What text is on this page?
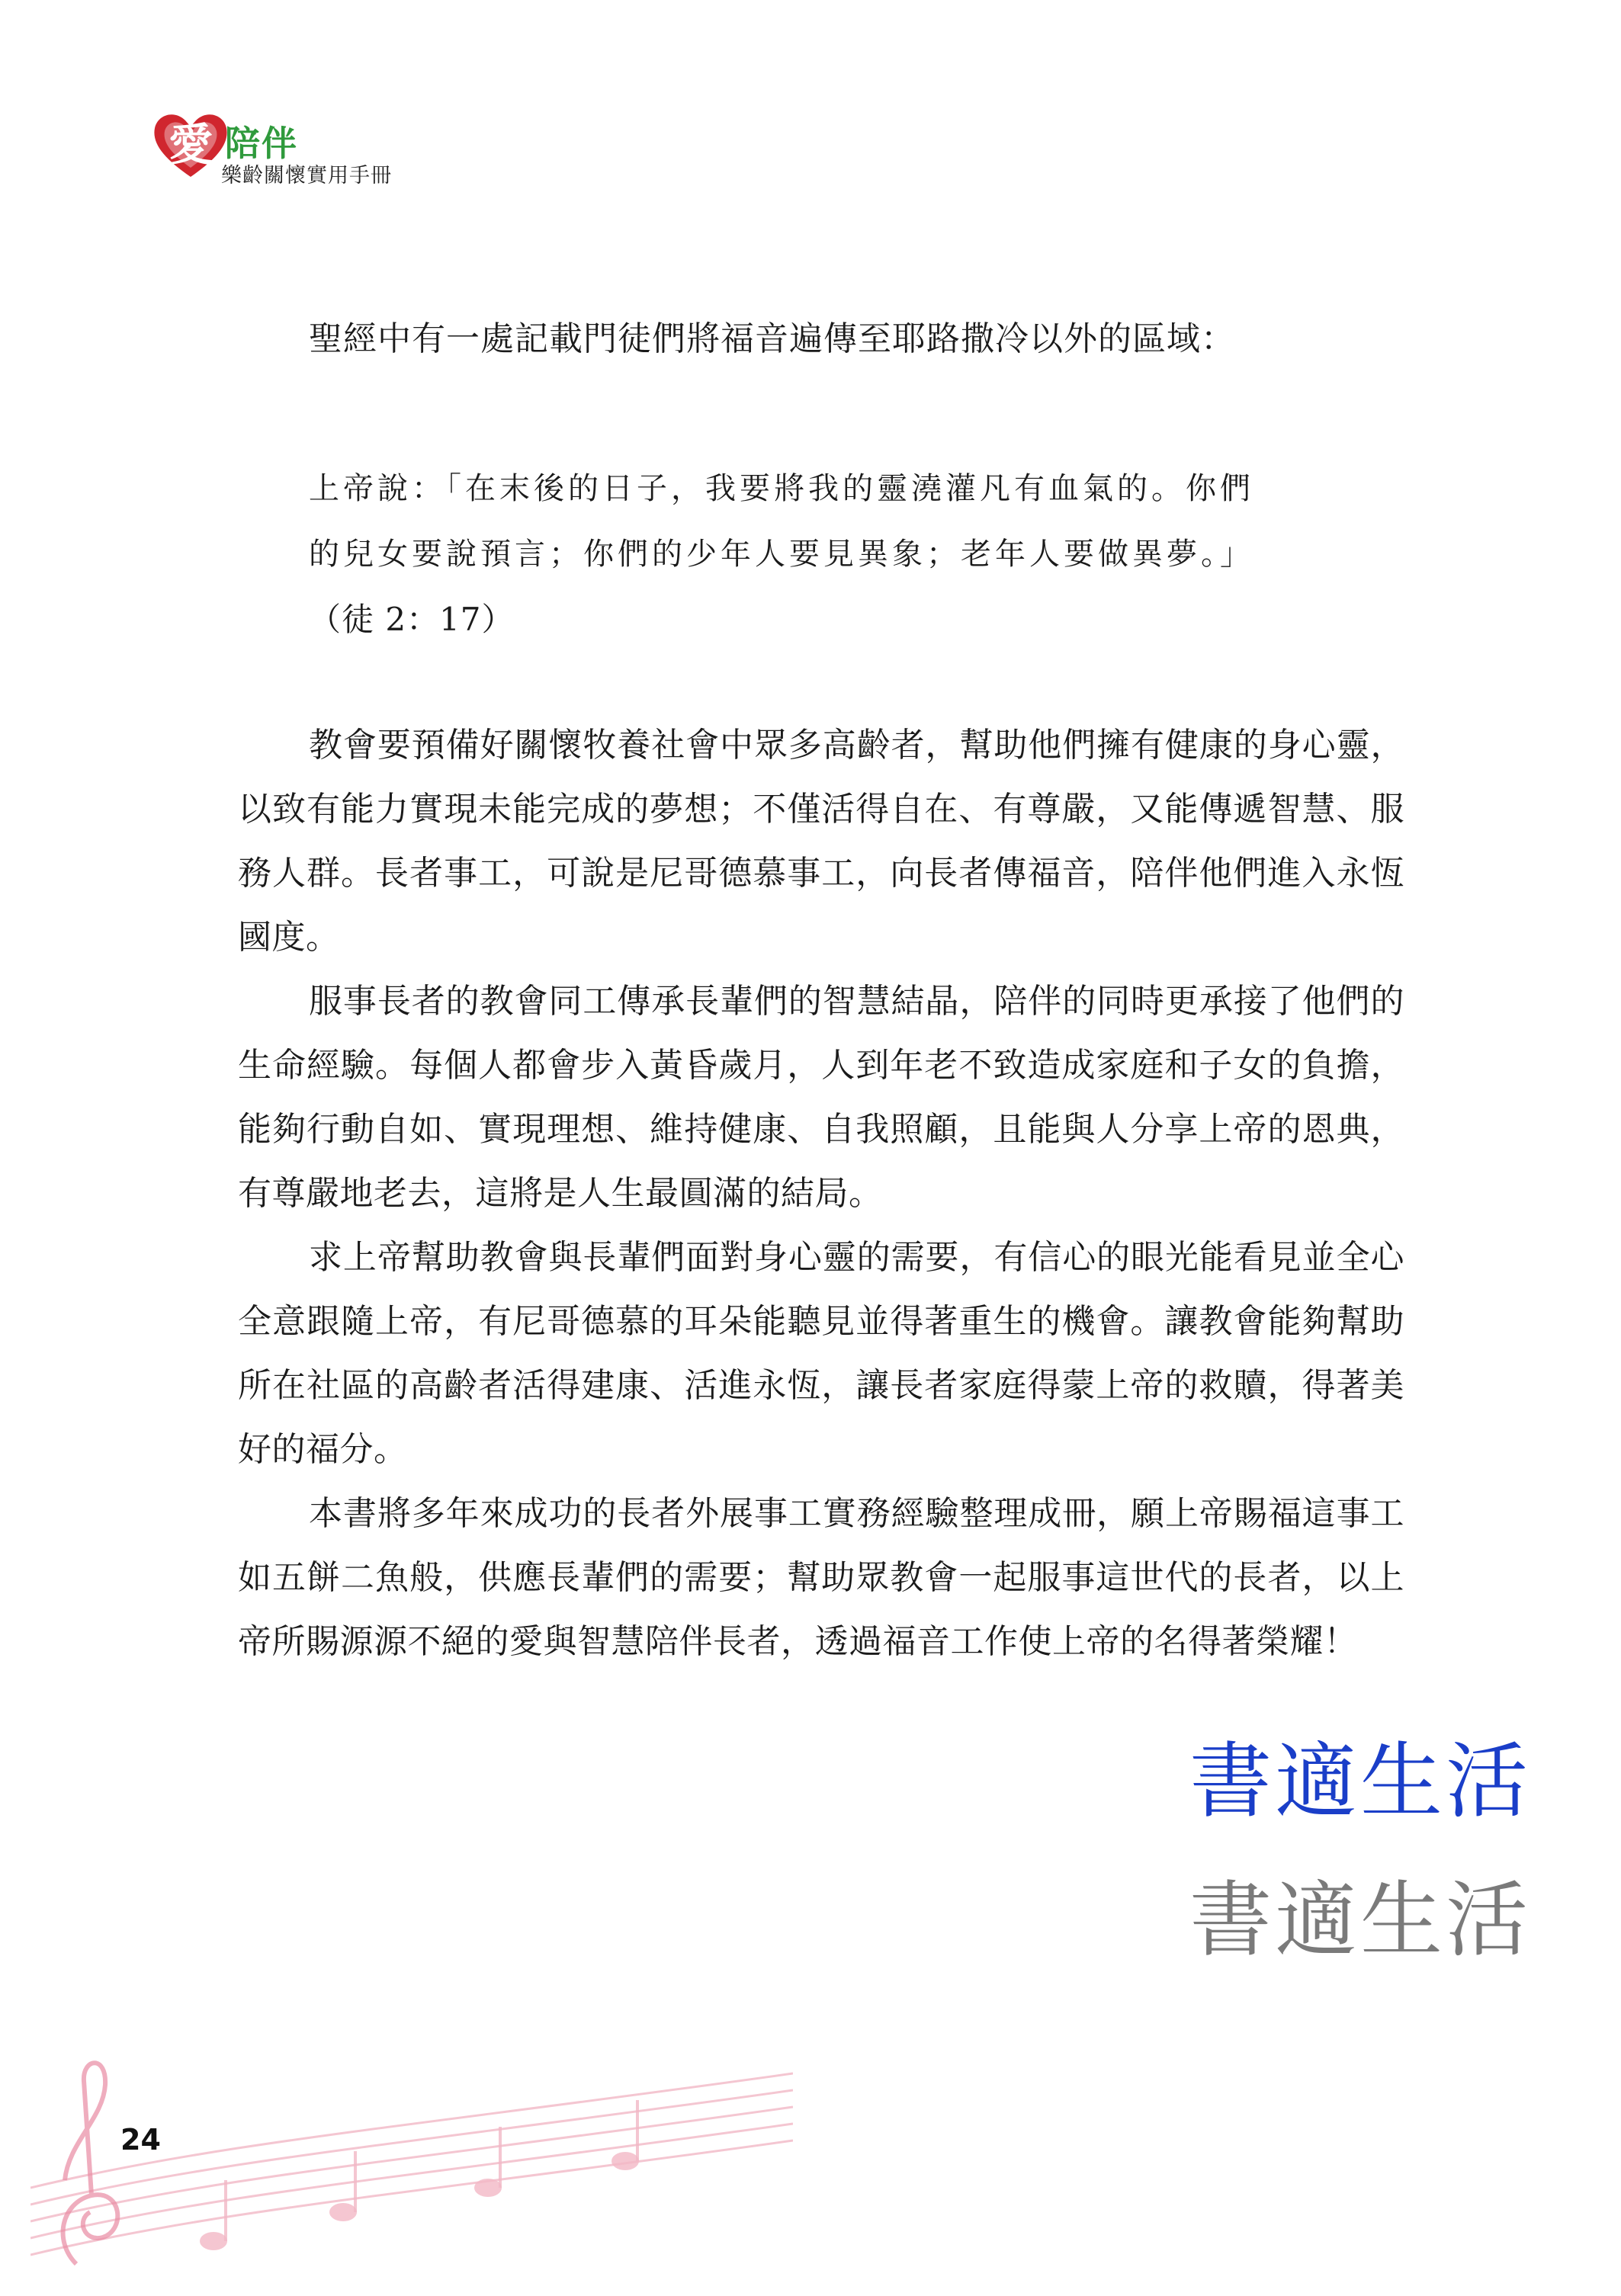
愛 陪伴
樂齡關懷實用手冊
聖經中有一處記載門徒們將福音遍傳至耶路撒冷以外的區域：
上帝說：「在末後的日子，我要將我的靈澆灌凡有血氣的。你們
的兒女要說預言；你們的少年人要見異象；老年人要做異夢。」
（徒 2：17）

教會要預備好關懷牧養社會中眾多高齡者，幫助他們擁有健康的身心靈，以致有能力實現未能完成的夢想；不僅活得自在、有尊嚴，又能傳遞智慧、服務人群。長者事工，可說是尼哥德慕事工，向長者傳福音，陪伴他們進入永恆國度。

服事長者的教會同工傳承長輩們的智慧結晶，陪伴的同時更承接了他們的生命經驗。每個人都會步入黃昏歲月，人到年老不致造成家庭和子女的負擔，能夠行動自如、實現理想、維持健康、自我照顧，且能與人分享上帝的恩典，有尊嚴地老去，這將是人生最圓滿的結局。

求上帝幫助教會與長輩們面對身心靈的需要，有信心的眼光能看見並全心全意跟隨上帝，有尼哥德慕的耳朵能聽見並得著重生的機會。讓教會能夠幫助所在社區的高齡者活得建康、活進永恆，讓長者家庭得蒙上帝的救贖，得著美好的福分。

本書將多年來成功的長者外展事工實務經驗整理成冊，願上帝賜福這事工如五餅二魚般，供應長輩們的需要；幫助眾教會一起服事這世代的長者，以上帝所賜源源不絕的愛與智慧陪伴長者，透過福音工作使上帝的名得著榮耀！

書適生活
書適生活
24
